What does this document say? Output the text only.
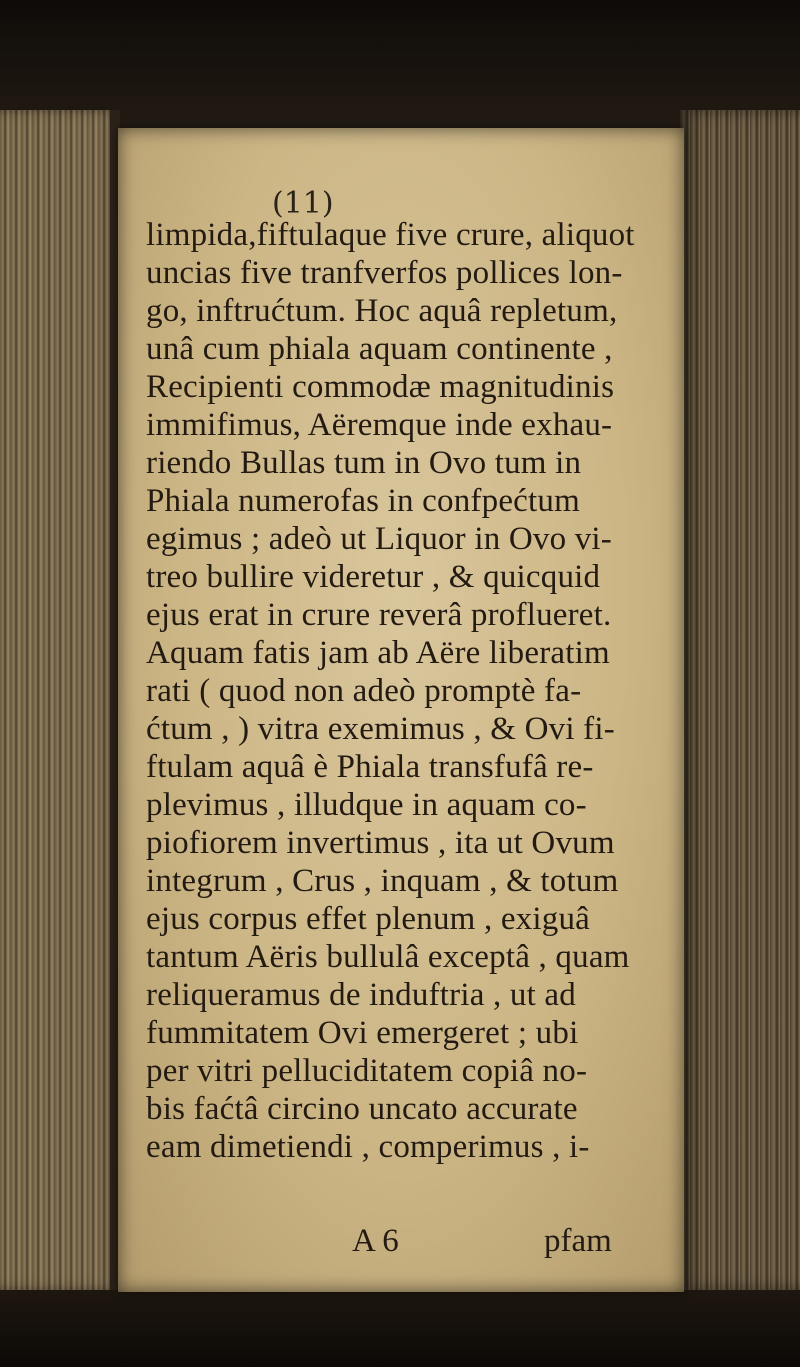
(11)
limpida,fiftulaque five crure, aliquot
uncias five tranfverfos pollices lon-
go, inftrućtum. Hoc aquâ repletum,
unâ cum phiala aquam continente ,
Recipienti commodæ magnitudinis
immifimus, Aëremque inde exhau-
riendo Bullas tum in Ovo tum in
Phiala numerofas in confpećtum
egimus ; adeò ut Liquor in Ovo vi-
treo bullire videretur , & quicquid
ejus erat in crure reverâ proflueret.
Aquam fatis jam ab Aëre liberatim
rati ( quod non adeò promptè fa-
ćtum , ) vitra exemimus , & Ovi fi-
ftulam aquâ è Phiala transfufâ re-
plevimus , illudque in aquam co-
piofiorem invertimus , ita ut Ovum
integrum , Crus , inquam , & totum
ejus corpus effet plenum , exiguâ
tantum Aëris bullulâ exceptâ , quam
reliqueramus de induftria , ut ad
fummitatem Ovi emergeret ; ubi
per vitri pelluciditatem copiâ no-
bis faćtâ circino uncato accurate
eam dimetiendi , comperimus , i-
A 6	pfam
